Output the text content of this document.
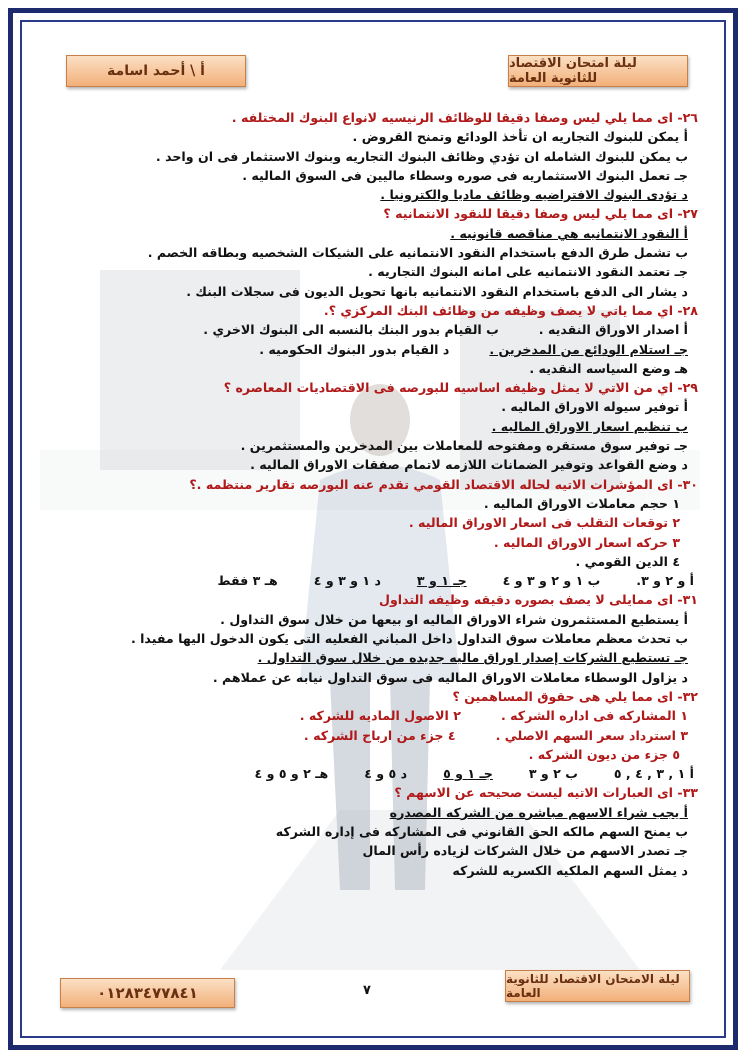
ليلة امتحان الاقتصاد للثانوية العامة
أ \ أحمد اسامة
٢٦- اى مما يلي ليس وصفا دقيقا للوظائف الرنيسيه لانواع البنوك المختلفه .
أ يمكن للبنوك التجاريه ان تأخذ الودائع وتمنح القروض .
ب يمكن للبنوك الشامله ان تؤدي وظائف البنوك التجاريه وبنوك الاستثمار فى ان واحد .
جـ تعمل البنوك الاستثماريه فى صوره وسطاء ماليين فى السوق الماليه .
د تؤدى البنوك الافتراضيه وظائف ماديا والكترونيا .
٢٧- اى مما يلي ليس وصفا دقيقا للنقود الانتمانيه ؟
أ النقود الانتمانيه هي مناقصه قانونيه .
ب تشمل طرق الدفع باستخدام النقود الانتمانيه على الشيكات الشخصيه وبطاقه الخصم .
جـ تعتمد النقود الانتمانيه على امانه البنوك التجاريه .
د يشار الى الدفع باستخدام النقود الانتمانيه بانها تحويل الديون فى سجلات البنك .
٢٨- اي مما ياتي لا يصف وظيفه من وظائف البنك المركزي ؟.
أ اصدار الاوراق النقديه .
ب القيام بدور البنك بالنسبه الى البنوك الاخري .
جـ استلام الودائع من المدخرين .
د القيام بدور البنوك الحكوميه .
هـ وضع السياسه النقديه .
٢٩- اي من الاتي لا يمثل وظيفه اساسيه للبورصه فى الاقتصاديات المعاصره ؟
أ توفير سيوله الاوراق الماليه .
ب تنظيم اسعار الاوراق الماليه .
جـ توفير سوق مستقره ومفتوحه للمعاملات بين المدخرين والمستثمرين .
د وضع القواعد وتوفير الضمانات اللازمه لاتمام صفقات الاوراق الماليه .
٣٠- اى المؤشرات الاتيه لحاله الاقتصاد القومي تقدم عنه البورصه تقارير منتظمه .؟
١ حجم معاملات الاوراق الماليه .
٢ توقعات التقلب فى اسعار الاوراق الماليه .
٣ حركه اسعار الاوراق الماليه .
٤ الدين القومي .
أ و ٢ و ٣.
ب ١ و ٢ و ٣ و ٤
جـ ١ و ٣
د ١ و ٣ و ٤
هـ ٣ فقط
٣١- اى ممايلى لا يصف بصوره دقيقه وظيفه التداول
أ يستطيع المستثمرون شراء الاوراق الماليه او بيعها من خلال سوق التداول .
ب تحدث معظم معاملات سوق التداول داخل المباني الفعليه التى يكون الدخول اليها مفيدا .
جـ تستطيع الشركات إصدار اوراق ماليه جديده من خلال سوق التداول .
د يزاول الوسطاء معاملات الاوراق الماليه فى سوق التداول نيابه عن عملاهم .
٣٢- اى مما يلي هى حقوق المساهمين ؟
١ المشاركه فى اداره الشركه .
٢ الاصول الماديه للشركه .
٣ استرداد سعر السهم الاصلي .
٤ جزء من ارباح الشركه .
٥ جزء من ديون الشركه .
أ ١ , ٣ , ٤ , ٥
ب ٢ و ٣
جـ ١ و ٥
د ٥ و ٤
هـ ٢ و ٥ و ٤
٣٣- اى العبارات الاتيه ليست صحيحه عن الاسهم ؟
أ يجب شراء الاسهم مباشره من الشركه المصدره
ب يمنح السهم مالكه الحق القانوني فى المشاركه فى إداره الشركه
جـ تصدر الاسهم من خلال الشركات لزياده رأس المال
د يمثل السهم الملكيه الكسريه للشركه
ليلة الامتحان الاقتصاد للثانوية العامة
٠١٢٨٣٤٧٧٨٤١	٧
